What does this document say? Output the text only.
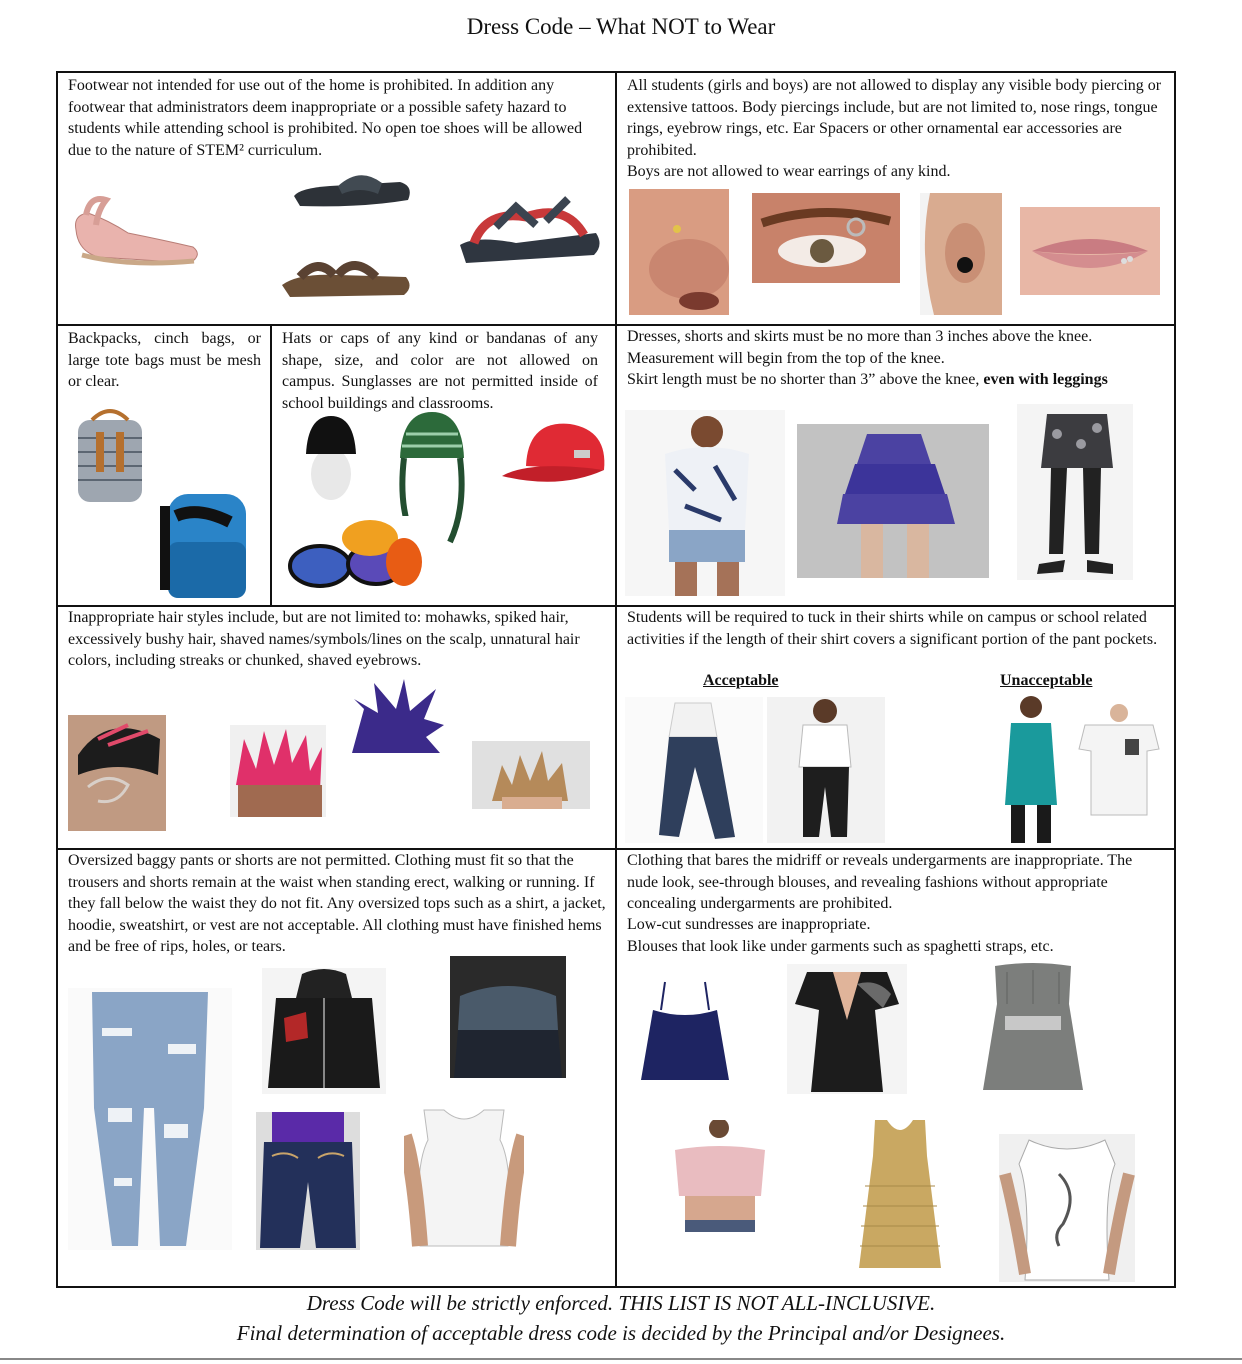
Dress Code – What NOT to Wear
Footwear not intended for use out of the home is prohibited. In addition any footwear that administrators deem inappropriate or a possible safety hazard to students while attending school is prohibited. No open toe shoes will be allowed due to the nature of STEM² curriculum.
All students (girls and boys) are not allowed to display any visible body piercing or extensive tattoos. Body piercings include, but are not limited to, nose rings, tongue rings, eyebrow rings, etc. Ear Spacers or other ornamental ear accessories are prohibited.
Boys are not allowed to wear earrings of any kind.
Backpacks, cinch bags, or large tote bags must be mesh or clear.
Hats or caps of any kind or bandanas of any shape, size, and color are not allowed on campus. Sunglasses are not permitted inside of school buildings and classrooms.
Dresses, shorts and skirts must be no more than 3 inches above the knee. Measurement will begin from the top of the knee.
Skirt length must be no shorter than 3” above the knee, even with leggings
Inappropriate hair styles include, but are not limited to: mohawks, spiked hair, excessively bushy hair, shaved names/symbols/lines on the scalp, unnatural hair colors, including streaks or chunked, shaved eyebrows.
Students will be required to tuck in their shirts while on campus or school related activities if the length of their shirt covers a significant portion of the pant pockets.
Acceptable	Unacceptable
Oversized baggy pants or shorts are not permitted. Clothing must fit so that the trousers and shorts remain at the waist when standing erect, walking or running. If they fall below the waist they do not fit. Any oversized tops such as a shirt, a jacket, hoodie, sweatshirt, or vest are not acceptable. All clothing must have finished hems and be free of rips, holes, or tears.
Clothing that bares the midriff or reveals undergarments are inappropriate. The nude look, see-through blouses, and revealing fashions without appropriate concealing undergarments are prohibited.
Low-cut sundresses are inappropriate.
Blouses that look like under garments such as spaghetti straps, etc.
Dress Code will be strictly enforced. THIS LIST IS NOT ALL-INCLUSIVE.
Final determination of acceptable dress code is decided by the Principal and/or Designees.
